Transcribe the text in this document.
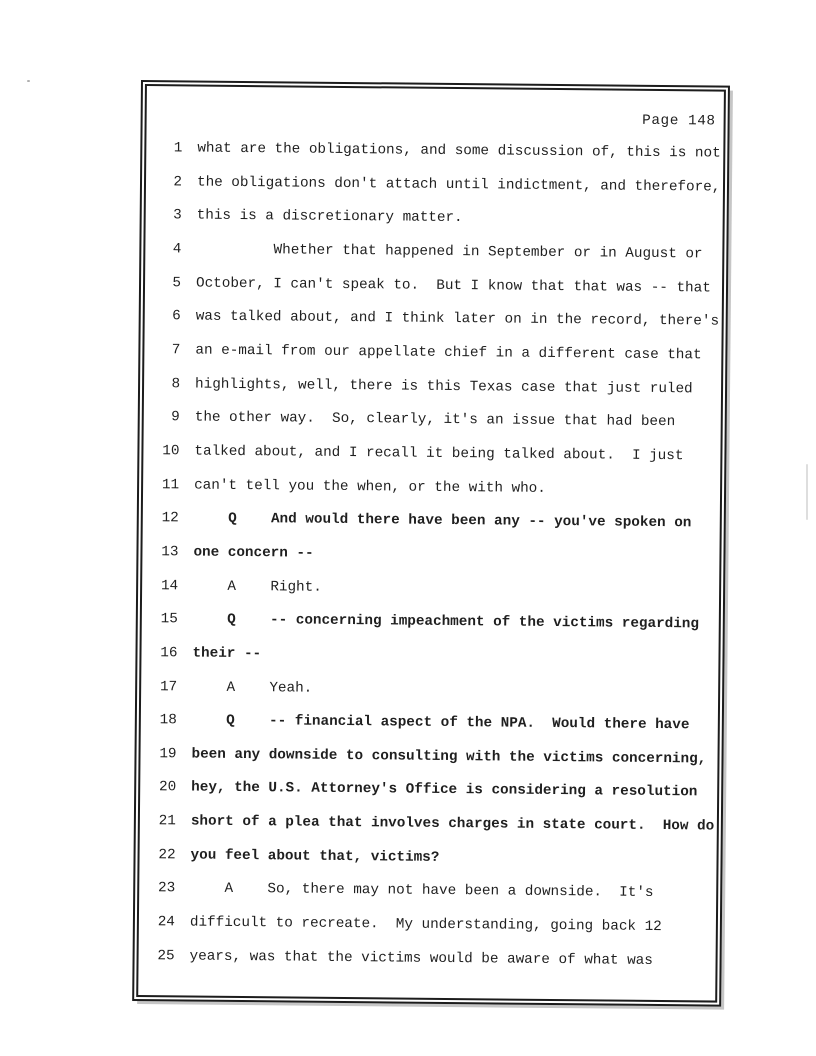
Page 148
1	what are the obligations, and some discussion of, this is not
2	the obligations don't attach until indictment, and therefore,
3	this is a discretionary matter.
4	Whether that happened in September or in August or
5	October, I can't speak to.  But I know that that was -- that
6	was talked about, and I think later on in the record, there's
7	an e-mail from our appellate chief in a different case that
8	highlights, well, there is this Texas case that just ruled
9	the other way.  So, clearly, it's an issue that had been
10	talked about, and I recall it being talked about.  I just
11	can't tell you the when, or the with who.
12	Q    And would there have been any -- you've spoken on
13	one concern --
14	A    Right.
15	Q    -- concerning impeachment of the victims regarding
16	their --
17	A    Yeah.
18	Q    -- financial aspect of the NPA.  Would there have
19	been any downside to consulting with the victims concerning,
20	hey, the U.S. Attorney's Office is considering a resolution
21	short of a plea that involves charges in state court.  How do
22	you feel about that, victims?
23	A    So, there may not have been a downside.  It's
24	difficult to recreate.  My understanding, going back 12
25	years, was that the victims would be aware of what was
